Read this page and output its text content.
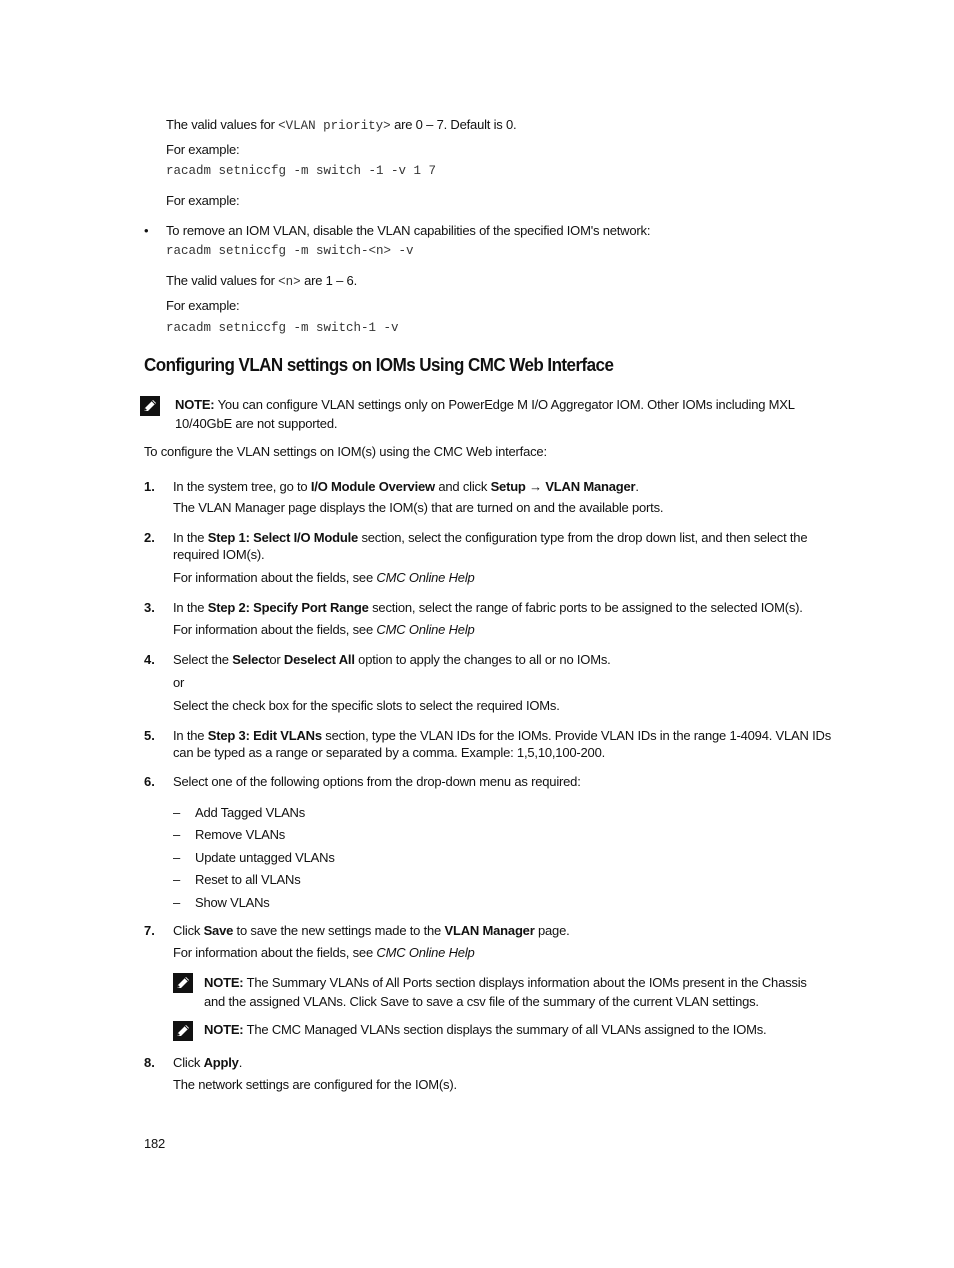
The valid values for <VLAN priority> are 0 – 7. Default is 0.
For example:
racadm setniccfg -m switch -1 -v 1 7
For example:
• To remove an IOM VLAN, disable the VLAN capabilities of the specified IOM's network:
racadm setniccfg -m switch-<n> -v
The valid values for <n> are 1 – 6.
For example:
racadm setniccfg -m switch-1 -v
Configuring VLAN settings on IOMs Using CMC Web Interface
NOTE: You can configure VLAN settings only on PowerEdge M I/O Aggregator IOM. Other IOMs including MXL 10/40GbE are not supported.
To configure the VLAN settings on IOM(s) using the CMC Web interface:
1. In the system tree, go to I/O Module Overview and click Setup → VLAN Manager.
The VLAN Manager page displays the IOM(s) that are turned on and the available ports.
2. In the Step 1: Select I/O Module section, select the configuration type from the drop down list, and then select the required IOM(s).
For information about the fields, see CMC Online Help
3. In the Step 2: Specify Port Range section, select the range of fabric ports to be assigned to the selected IOM(s).
For information about the fields, see CMC Online Help
4. Select the Selector Deselect All option to apply the changes to all or no IOMs.
or
Select the check box for the specific slots to select the required IOMs.
5. In the Step 3: Edit VLANs section, type the VLAN IDs for the IOMs. Provide VLAN IDs in the range 1-4094. VLAN IDs can be typed as a range or separated by a comma. Example: 1,5,10,100-200.
6. Select one of the following options from the drop-down menu as required:
– Add Tagged VLANs
– Remove VLANs
– Update untagged VLANs
– Reset to all VLANs
– Show VLANs
7. Click Save to save the new settings made to the VLAN Manager page.
For information about the fields, see CMC Online Help
NOTE: The Summary VLANs of All Ports section displays information about the IOMs present in the Chassis and the assigned VLANs. Click Save to save a csv file of the summary of the current VLAN settings.
NOTE: The CMC Managed VLANs section displays the summary of all VLANs assigned to the IOMs.
8. Click Apply.
The network settings are configured for the IOM(s).
182
